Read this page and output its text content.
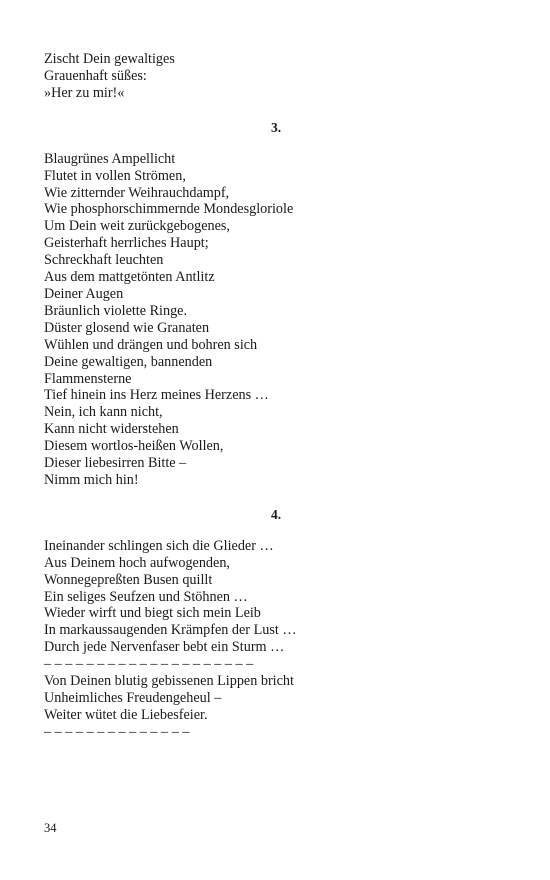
Zischt Dein gewaltiges
Grauenhaft süßes:
»Her zu mir!«
3.
Blaugrünes Ampellicht
Flutet in vollen Strömen,
Wie zitternder Weihrauchdampf,
Wie phosphorschimmernde Mondesgloriole
Um Dein weit zurückgebogenes,
Geisterhaft herrliches Haupt;
Schreckhaft leuchten
Aus dem mattgetönten Antlitz
Deiner Augen
Bräunlich violette Ringe.
Düster glosend wie Granaten
Wühlen und drängen und bohren sich
Deine gewaltigen, bannenden
Flammensterne
Tief hinein ins Herz meines Herzens …
Nein, ich kann nicht,
Kann nicht widerstehen
Diesem wortlos-heißen Wollen,
Dieser liebesirren Bitte –
Nimm mich hin!
4.
Ineinander schlingen sich die Glieder …
Aus Deinem hoch aufwogenden,
Wonnegepreßten Busen quillt
Ein seliges Seufzen und Stöhnen …
Wieder wirft und biegt sich mein Leib
In markaussaugenden Krämpfen der Lust …
Durch jede Nervenfaser bebt ein Sturm …
– – – – – – – – – – – – – – – – – – – –
Von Deinen blutig gebissenen Lippen bricht
Unheimliches Freudengeheul –
Weiter wütet die Liebesfeier.
– – – – – – – – – – – – – –
34
